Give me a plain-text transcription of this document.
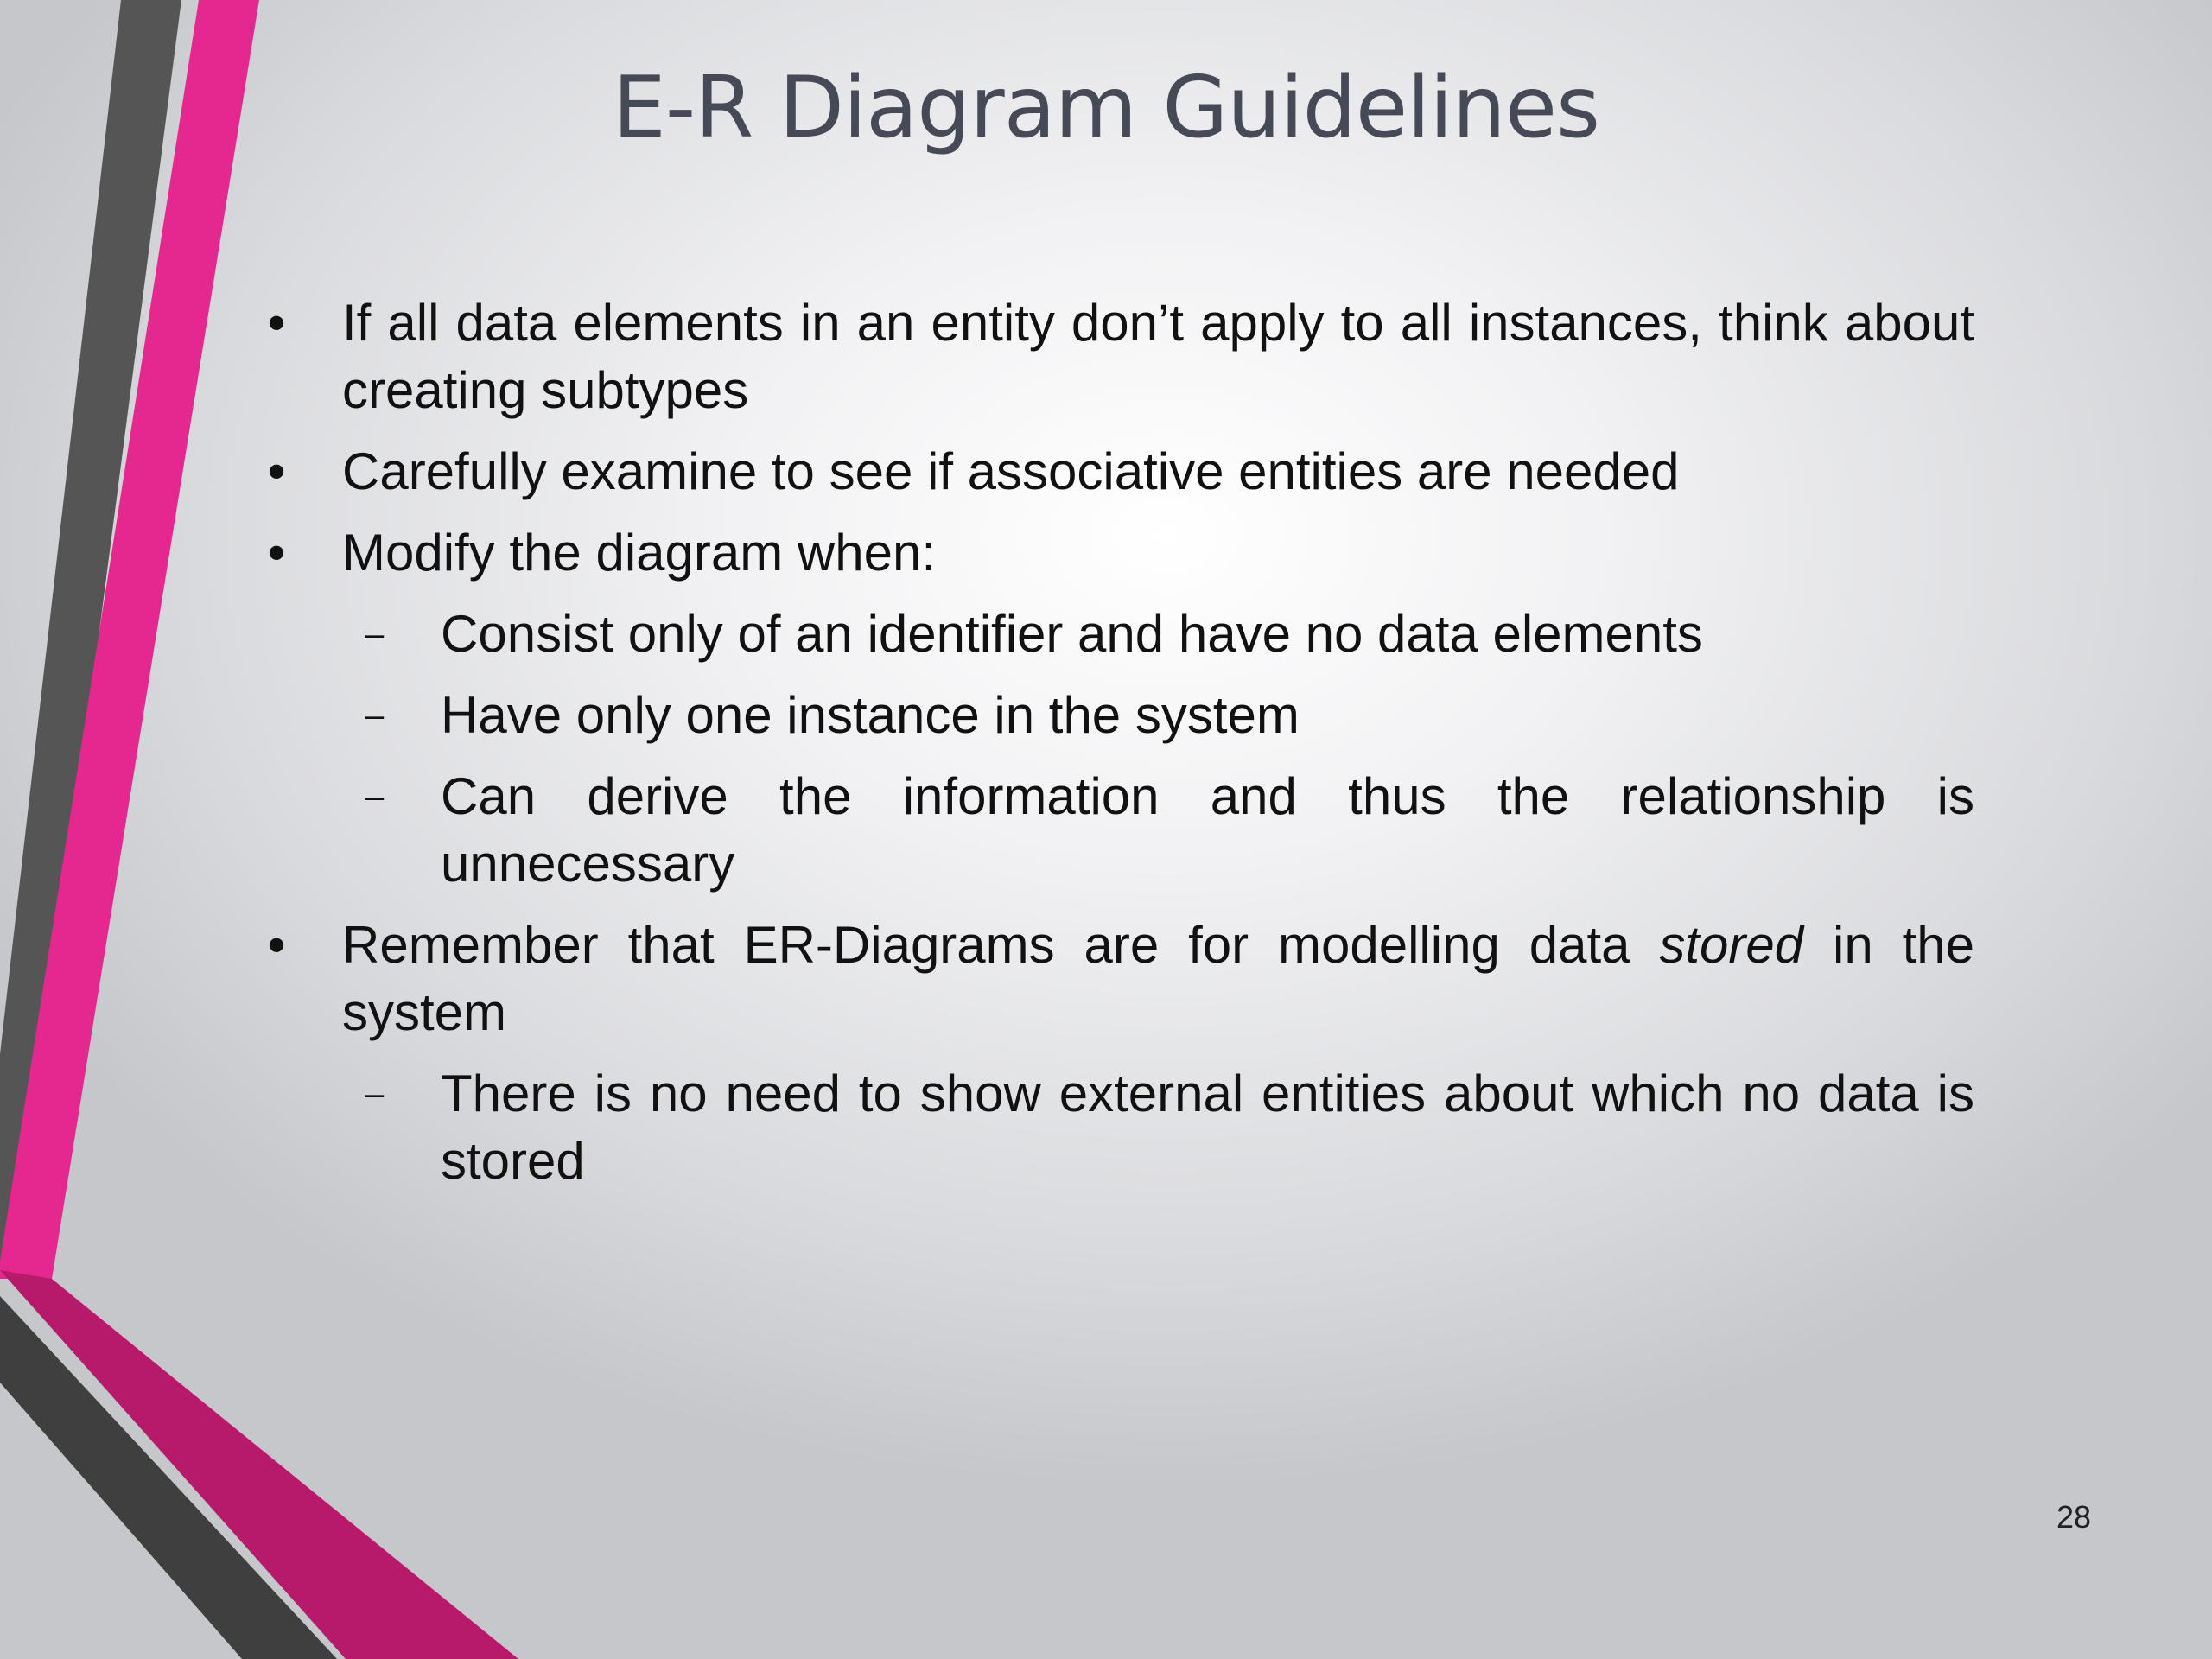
E-R Diagram Guidelines
• If all data elements in an entity don’t apply to all instances, think about creating subtypes
• Carefully examine to see if associative entities are needed
• Modify the diagram when:
– Consist only of an identifier and have no data elements
– Have only one instance in the system
– Can derive the information and thus the relationship is unnecessary
• Remember that ER-Diagrams are for modelling data stored in the system
– There is no need to show external entities about which no data is stored
28
